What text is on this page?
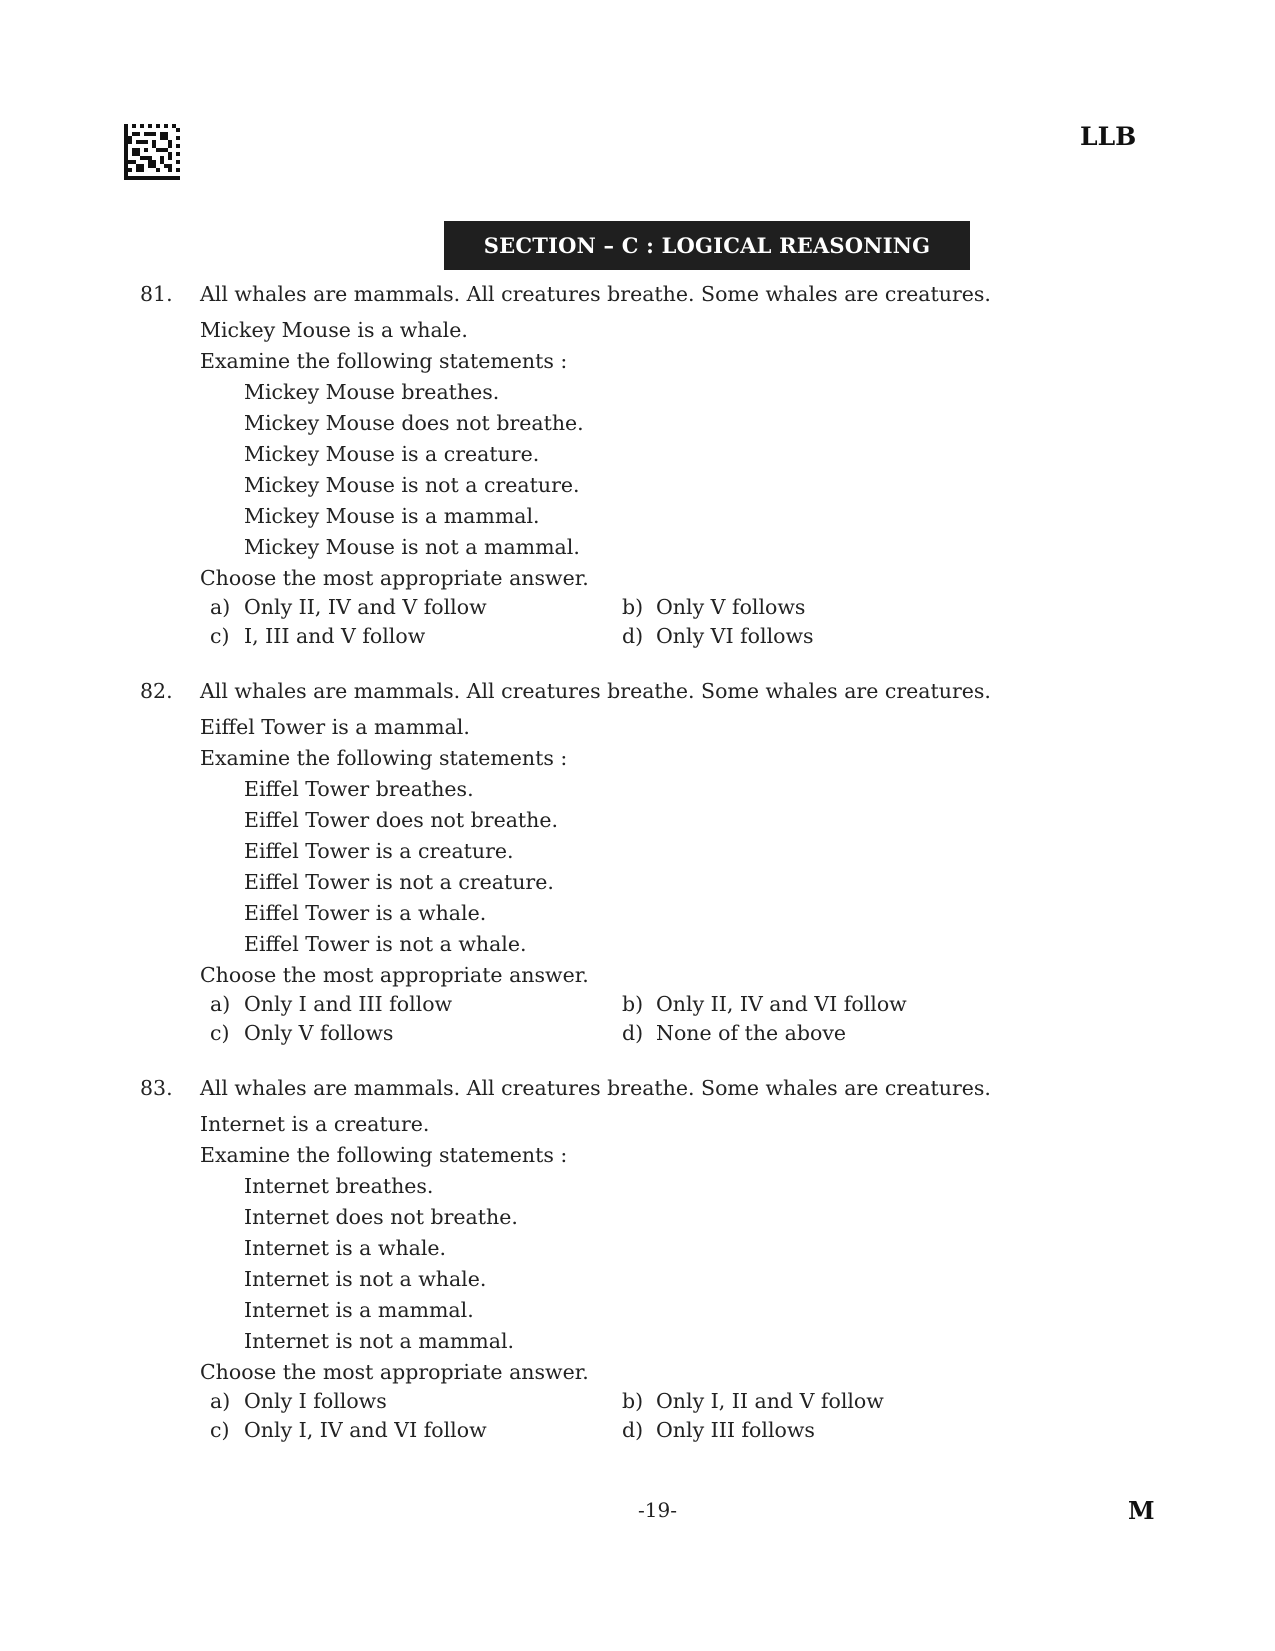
LLB
SECTION – C : LOGICAL REASONING
81. All whales are mammals. All creatures breathe. Some whales are creatures.
Mickey Mouse is a whale.
Examine the following statements :
Mickey Mouse breathes.
Mickey Mouse does not breathe.
Mickey Mouse is a creature.
Mickey Mouse is not a creature.
Mickey Mouse is a mammal.
Mickey Mouse is not a mammal.
Choose the most appropriate answer.
a) Only II, IV and V follow	b) Only V follows
c) I, III and V follow	d) Only VI follows
82. All whales are mammals. All creatures breathe. Some whales are creatures.
Eiffel Tower is a mammal.
Examine the following statements :
Eiffel Tower breathes.
Eiffel Tower does not breathe.
Eiffel Tower is a creature.
Eiffel Tower is not a creature.
Eiffel Tower is a whale.
Eiffel Tower is not a whale.
Choose the most appropriate answer.
a) Only I and III follow	b) Only II, IV and VI follow
c) Only V follows	d) None of the above
83. All whales are mammals. All creatures breathe. Some whales are creatures.
Internet is a creature.
Examine the following statements :
Internet breathes.
Internet does not breathe.
Internet is a whale.
Internet is not a whale.
Internet is a mammal.
Internet is not a mammal.
Choose the most appropriate answer.
a) Only I follows	b) Only I, II and V follow
c) Only I, IV and VI follow	d) Only III follows
-19-	M
